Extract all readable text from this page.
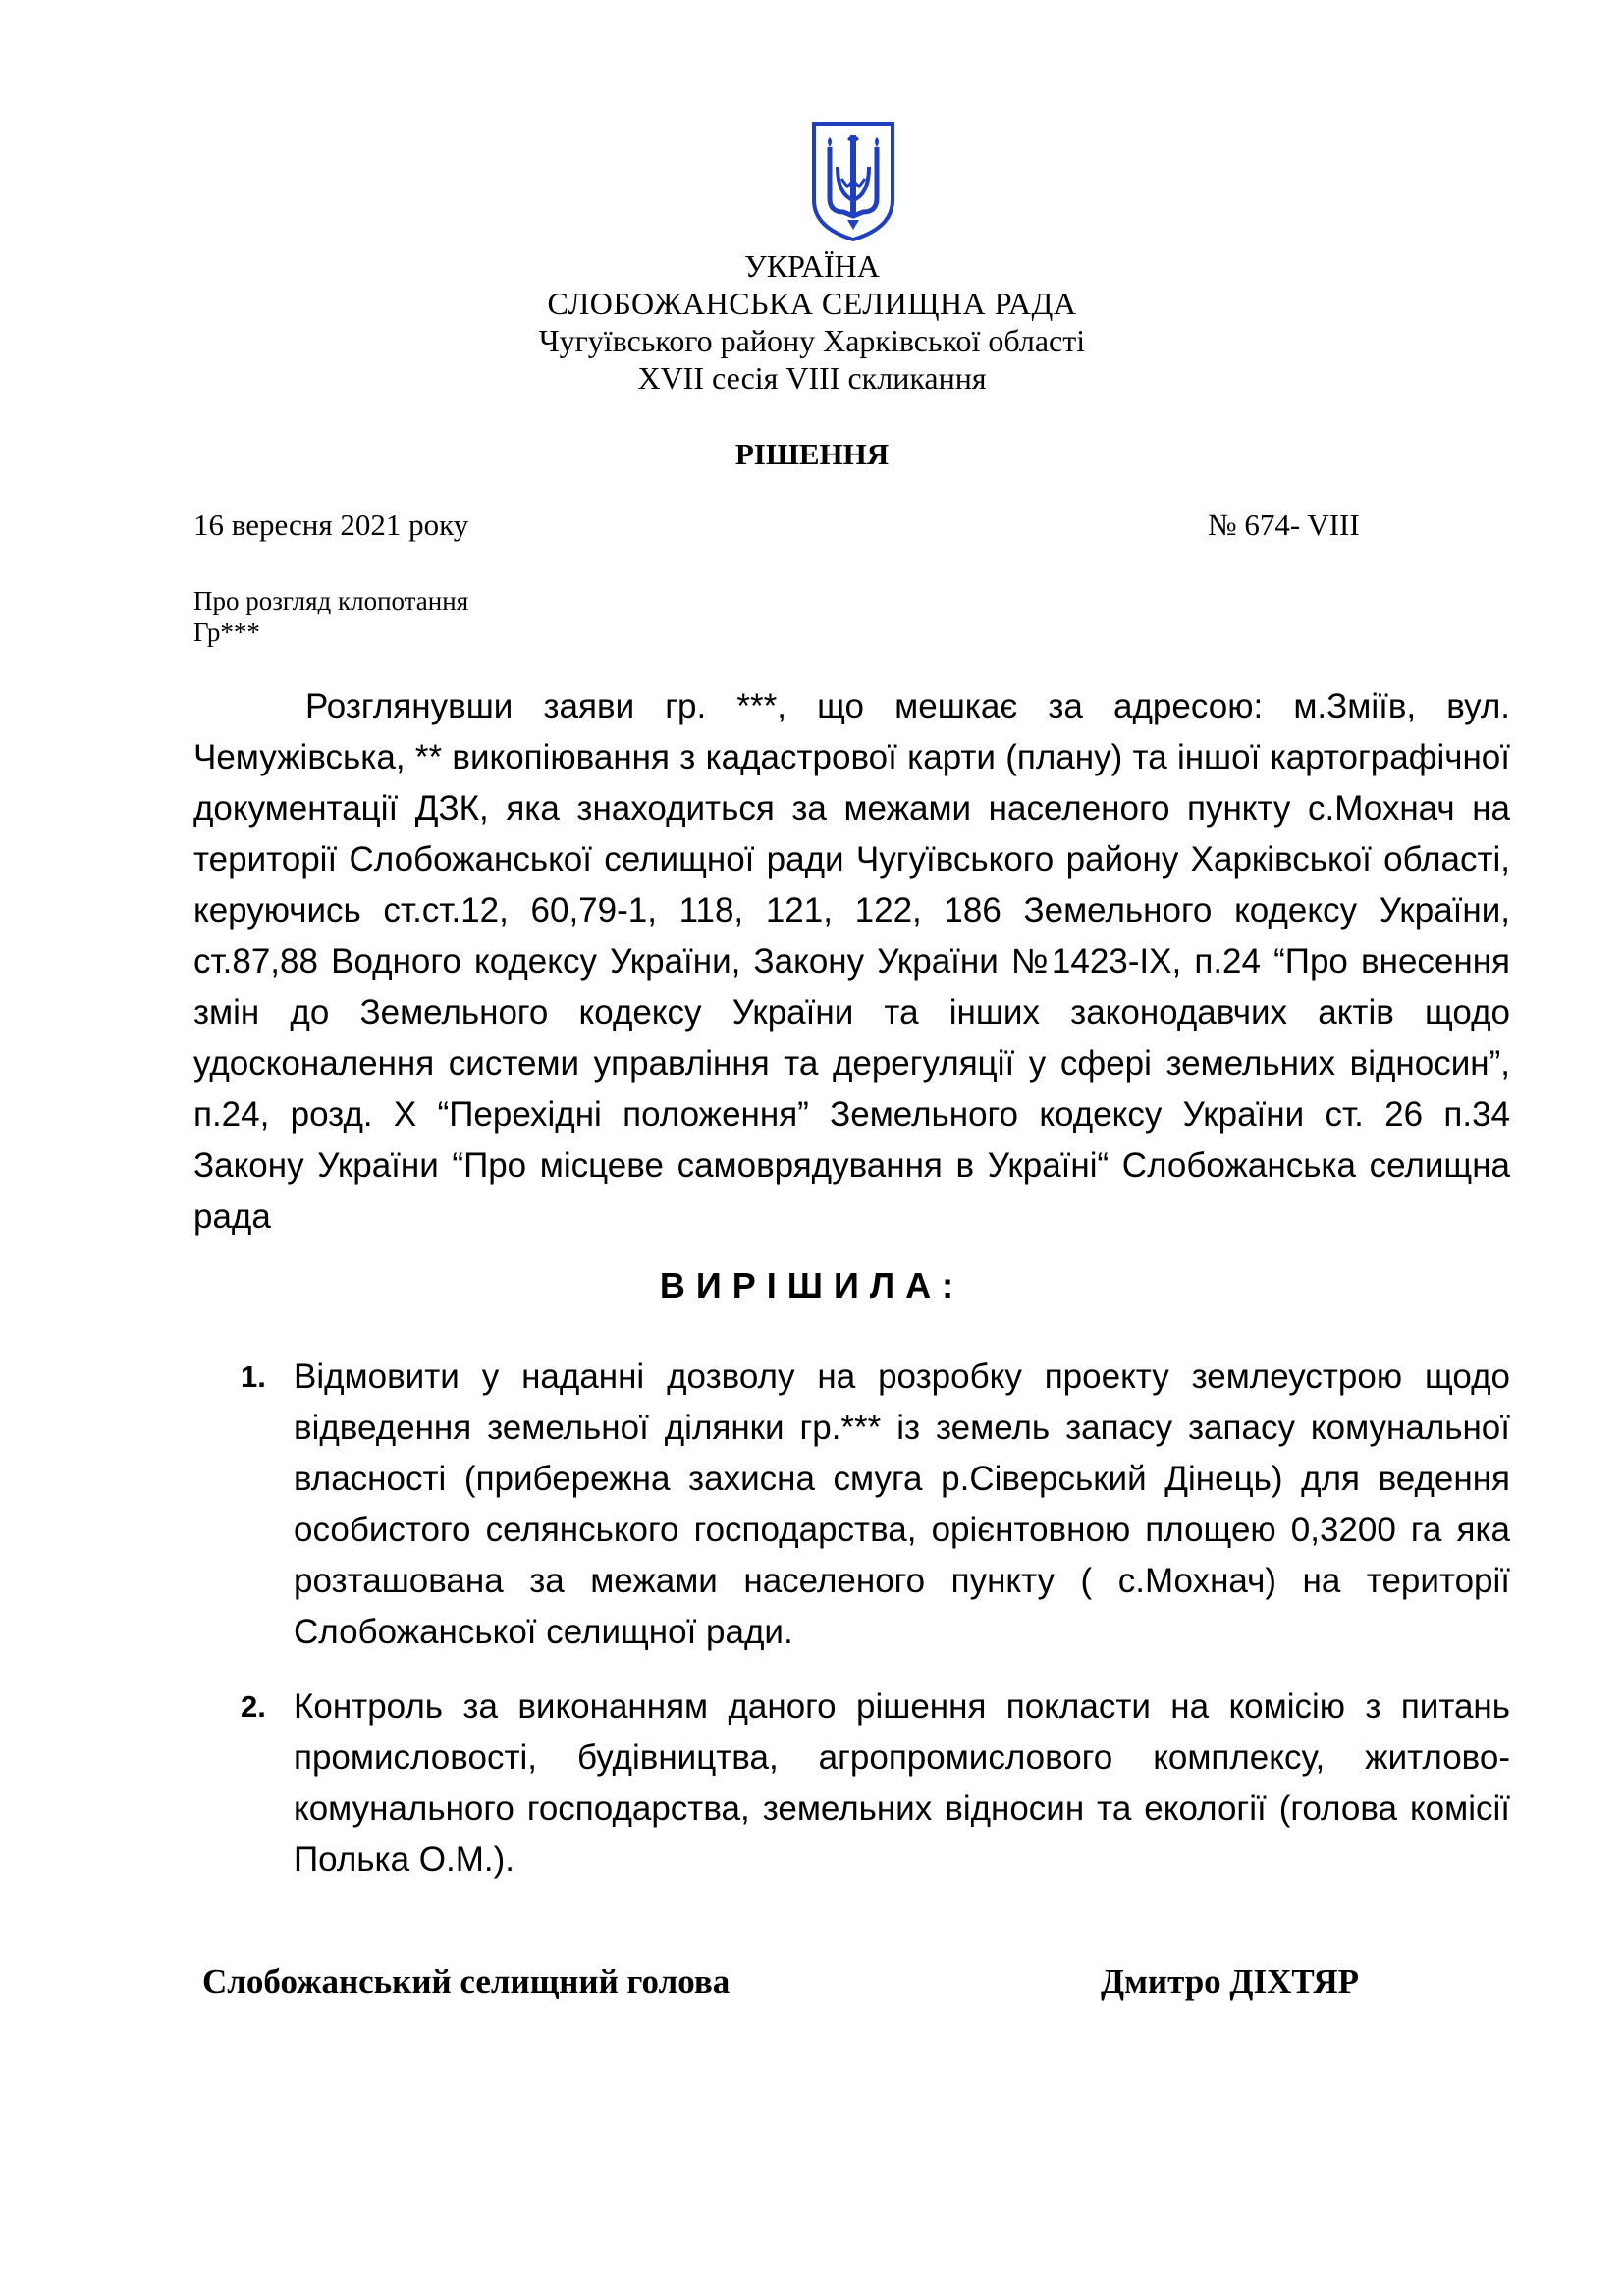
УКРАЇНА
СЛОБОЖАНСЬКА СЕЛИЩНА РАДА
Чугуївського району Харківської області
XVII сесія VIII скликання
РІШЕННЯ
16 вересня 2021 року	№ 674- VIII
Про розгляд клопотання
Гр***
Розглянувши заяви гр. ***, що мешкає за адресою: м.Зміїв, вул. Чемужівська, ** викопіювання з кадастрової карти (плану) та іншої картографічної документації ДЗК, яка знаходиться за межами населеного пункту с.Мохнач на території Слобожанської селищної ради Чугуївського району Харківської області, керуючись ст.ст.12, 60,79-1, 118, 121, 122, 186 Земельного кодексу України, ст.87,88 Водного кодексу України, Закону України №1423-IX, п.24 “Про внесення змін до Земельного кодексу України та інших законодавчих актів щодо удосконалення системи управління та дерегуляції у сфері земельних відносин”, п.24, розд. X “Перехідні положення” Земельного кодексу України ст. 26 п.34 Закону України “Про місцеве самоврядування в Україні“ Слобожанська селищна рада
ВИРІШИЛА:
1. Відмовити у наданні дозволу на розробку проекту землеустрою щодо відведення земельної ділянки гр.*** із земель запасу запасу комунальної власності (прибережна захисна смуга р.Сіверський Дінець) для ведення особистого селянського господарства, орієнтовною площею 0,3200 га яка розташована за межами населеного пункту ( с.Мохнач) на території Слобожанської селищної ради.
2. Контроль за виконанням даного рішення покласти на комісію з питань промисловості, будівництва, агропромислового комплексу, житлово-комунального господарства, земельних відносин та екології (голова комісії Полька О.М.).
Слобожанський селищний голова	Дмитро ДІХТЯР
